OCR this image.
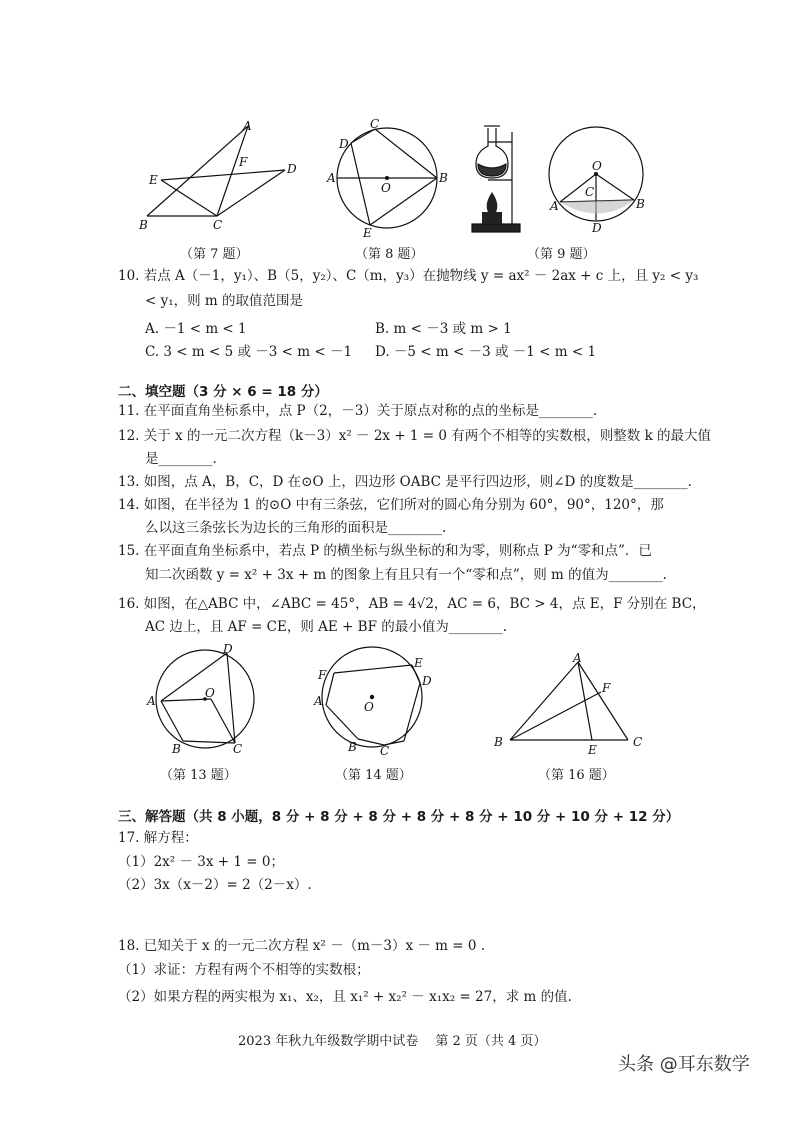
A
F
E
D
B	C
（第 7 题）
C
D
A
O
B
E
（第 8 题）
O
C
A	B
D
（第 9 题）
10. 若点 A（－1，y₁）、B（5，y₂）、C（m，y₃）在抛物线 y = ax² － 2ax + c 上，且 y₂ < y₃
< y₁，则 m 的取值范围是
A. －1 < m < 1	B. m < －3 或 m > 1
C. 3 < m < 5 或 －3 < m < －1 D. －5 < m < －3 或 －1 < m < 1
二、填空题（3 分 × 6 = 18 分）
11. 在平面直角坐标系中，点 P（2，－3）关于原点对称的点的坐标是________.
12. 关于 x 的一元二次方程（k－3）x² － 2x + 1 = 0 有两个不相等的实数根，则整数 k 的最大值
是________.
13. 如图，点 A，B，C，D 在⊙O 上，四边形 OABC 是平行四边形，则∠D 的度数是________.
14. 如图，在半径为 1 的⊙O 中有三条弦，它们所对的圆心角分别为 60°，90°，120°，那
么以这三条弦长为边长的三角形的面积是________.
15. 在平面直角坐标系中，若点 P 的横坐标与纵坐标的和为零，则称点 P 为“零和点”．已
知二次函数 y = x² + 3x + m 的图象上有且只有一个“零和点”，则 m 的值为________.
16. 如图，在△ABC 中，∠ABC = 45°，AB = 4√2，AC = 6，BC > 4，点 E，F 分别在 BC，
AC 边上，且 AF = CE，则 AE + BF 的最小值为________.
D
A
O
B	C
（第 13 题）
E
F	D
A	O
B C
（第 14 题）
A
F
B
E
C
（第 16 题）
三、解答题（共 8 小题，8 分 + 8 分 + 8 分 + 8 分 + 8 分 + 10 分 + 10 分 + 12 分）
17. 解方程：
（1）2x² － 3x + 1 = 0；
（2）3x（x－2）= 2（2－x）.
18. 已知关于 x 的一元二次方程 x² －（m－3）x － m = 0 .
（1）求证：方程有两个不相等的实数根；
（2）如果方程的两实根为 x₁、x₂，且 x₁² + x₂² － x₁x₂ = 27，求 m 的值.
2023 年秋九年级数学期中试卷　 第 2 页（共 4 页）
头条 @耳东数学
